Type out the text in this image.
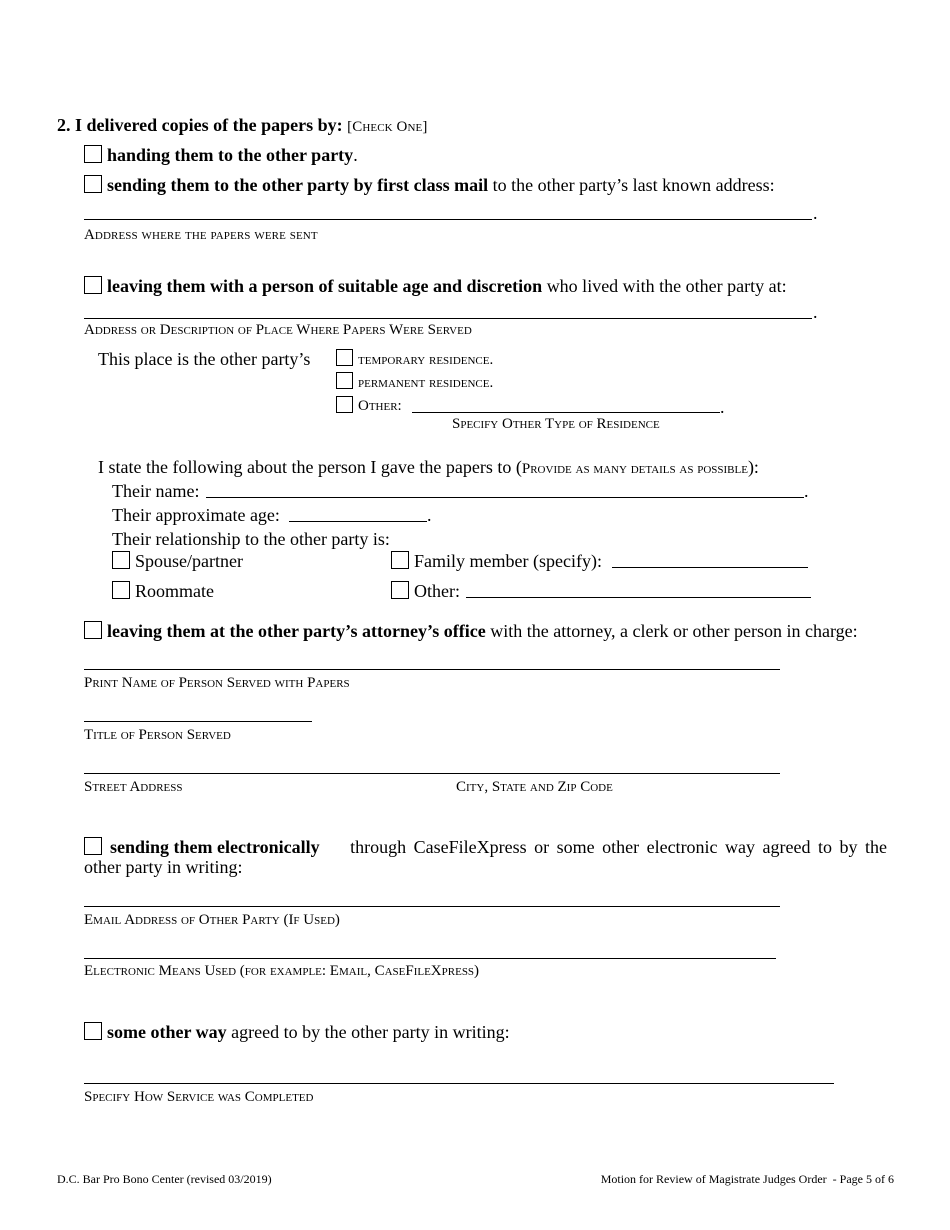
2. I delivered copies of the papers by: [Check One]
handing them to the other party.
sending them to the other party by first class mail to the other party’s last known address:
.
Address where the papers were sent
leaving them with a person of suitable age and discretion who lived with the other party at:
.
Address or Description of Place Where Papers Were Served
This place is the other party’s	temporary residence.
permanent residence.
Other:	.
Specify Other Type of Residence
I state the following about the person I gave the papers to (Provide as many details as possible):
Their name:	.
Their approximate age:	.
Their relationship to the other party is:
Spouse/partner	Family member (specify):
Roommate	Other:
leaving them at the other party’s attorney’s office with the attorney, a clerk or other person in charge:
Print Name of Person Served with Papers
Title of Person Served
Street Address	City, State and Zip Code
sending them electronically through CaseFileXpress or some other electronic way agreed to by the
other party in writing:
Email Address of Other Party (If Used)
Electronic Means Used (for example: Email, CaseFileXpress)
some other way agreed to by the other party in writing:
Specify How Service was Completed
D.C. Bar Pro Bono Center (revised 03/2019)	Motion for Review of Magistrate Judges Order  - Page 5 of 6
